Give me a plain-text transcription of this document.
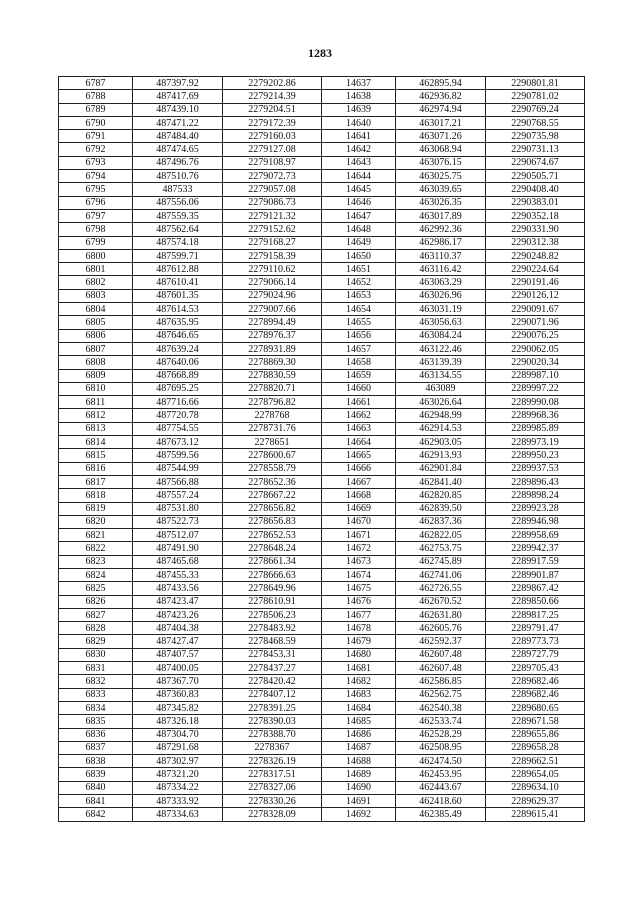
1283
6787	487397.92	2279202.86	14637	462895.94	2290801.81
6788	487417.69	2279214.39	14638	462936.82	2290781.02
6789	487439.10	2279204.51	14639	462974.94	2290769.24
6790	487471.22	2279172.39	14640	463017.21	2290768.55
6791	487484.40	2279160.03	14641	463071.26	2290735.98
6792	487474.65	2279127.08	14642	463068.94	2290731.13
6793	487496.76	2279108.97	14643	463076.15	2290674.67
6794	487510.76	2279072.73	14644	463025.75	2290505.71
6795	487533	2279057.08	14645	463039.65	2290408.40
6796	487556.06	2279086.73	14646	463026.35	2290383.01
6797	487559.35	2279121.32	14647	463017.89	2290352.18
6798	487562.64	2279152.62	14648	462992.36	2290331.90
6799	487574.18	2279168.27	14649	462986.17	2290312.38
6800	487599.71	2279158.39	14650	463110.37	2290248.82
6801	487612.88	2279110.62	14651	463116.42	2290224.64
6802	487610.41	2279066.14	14652	463063.29	2290191.46
6803	487601.35	2279024.96	14653	463026.96	2290126.12
6804	487614.53	2279007.66	14654	463031.19	2290091.67
6805	487635.95	2278994.49	14655	463056.63	2290071.96
6806	487646.65	2278976.37	14656	463084.24	2290076.25
6807	487639.24	2278931.89	14657	463122.46	2290062.05
6808	487640.06	2278869.30	14658	463139.39	2290020.34
6809	487668.89	2278830.59	14659	463134.55	2289987.10
6810	487695.25	2278820.71	14660	463089	2289997.22
6811	487716.66	2278796.82	14661	463026.64	2289990.08
6812	487720.78	2278768	14662	462948.99	2289968.36
6813	487754.55	2278731.76	14663	462914.53	2289985.89
6814	487673.12	2278651	14664	462903.05	2289973.19
6815	487599.56	2278600.67	14665	462913.93	2289950.23
6816	487544.99	2278558.79	14666	462901.84	2289937.53
6817	487566.88	2278652.36	14667	462841.40	2289896.43
6818	487557.24	2278667.22	14668	462820.85	2289898.24
6819	487531.80	2278656.82	14669	462839.50	2289923.28
6820	487522.73	2278656.83	14670	462837.36	2289946.98
6821	487512.07	2278652.53	14671	462822.05	2289958.69
6822	487491.90	2278648.24	14672	462753.75	2289942.37
6823	487465.68	2278661.34	14673	462745.89	2289917.59
6824	487455.33	2278666.63	14674	462741.06	2289901.87
6825	487433.56	2278649.96	14675	462726.55	2289867.42
6826	487423.47	2278610.91	14676	462670.52	2289850.66
6827	487423.26	2278506.23	14677	462631.80	2289817.25
6828	487404.38	2278483.92	14678	462605.76	2289791.47
6829	487427.47	2278468.59	14679	462592.37	2289773.73
6830	487407.57	2278453.31	14680	462607.48	2289727.79
6831	487400.05	2278437.27	14681	462607.48	2289705.43
6832	487367.70	2278420.42	14682	462586.85	2289682.46
6833	487360.83	2278407.12	14683	462562.75	2289682.46
6834	487345.82	2278391.25	14684	462540.38	2289680.65
6835	487326.18	2278390.03	14685	462533.74	2289671.58
6836	487304.70	2278388.70	14686	462528.29	2289655.86
6837	487291.68	2278367	14687	462508.95	2289658.28
6838	487302.97	2278326.19	14688	462474.50	2289662.51
6839	487321.20	2278317.51	14689	462453.95	2289654.05
6840	487334.22	2278327.06	14690	462443.67	2289634.10
6841	487333.92	2278330.26	14691	462418.60	2289629.37
6842	487334.63	2278328.09	14692	462385.49	2289615.41
